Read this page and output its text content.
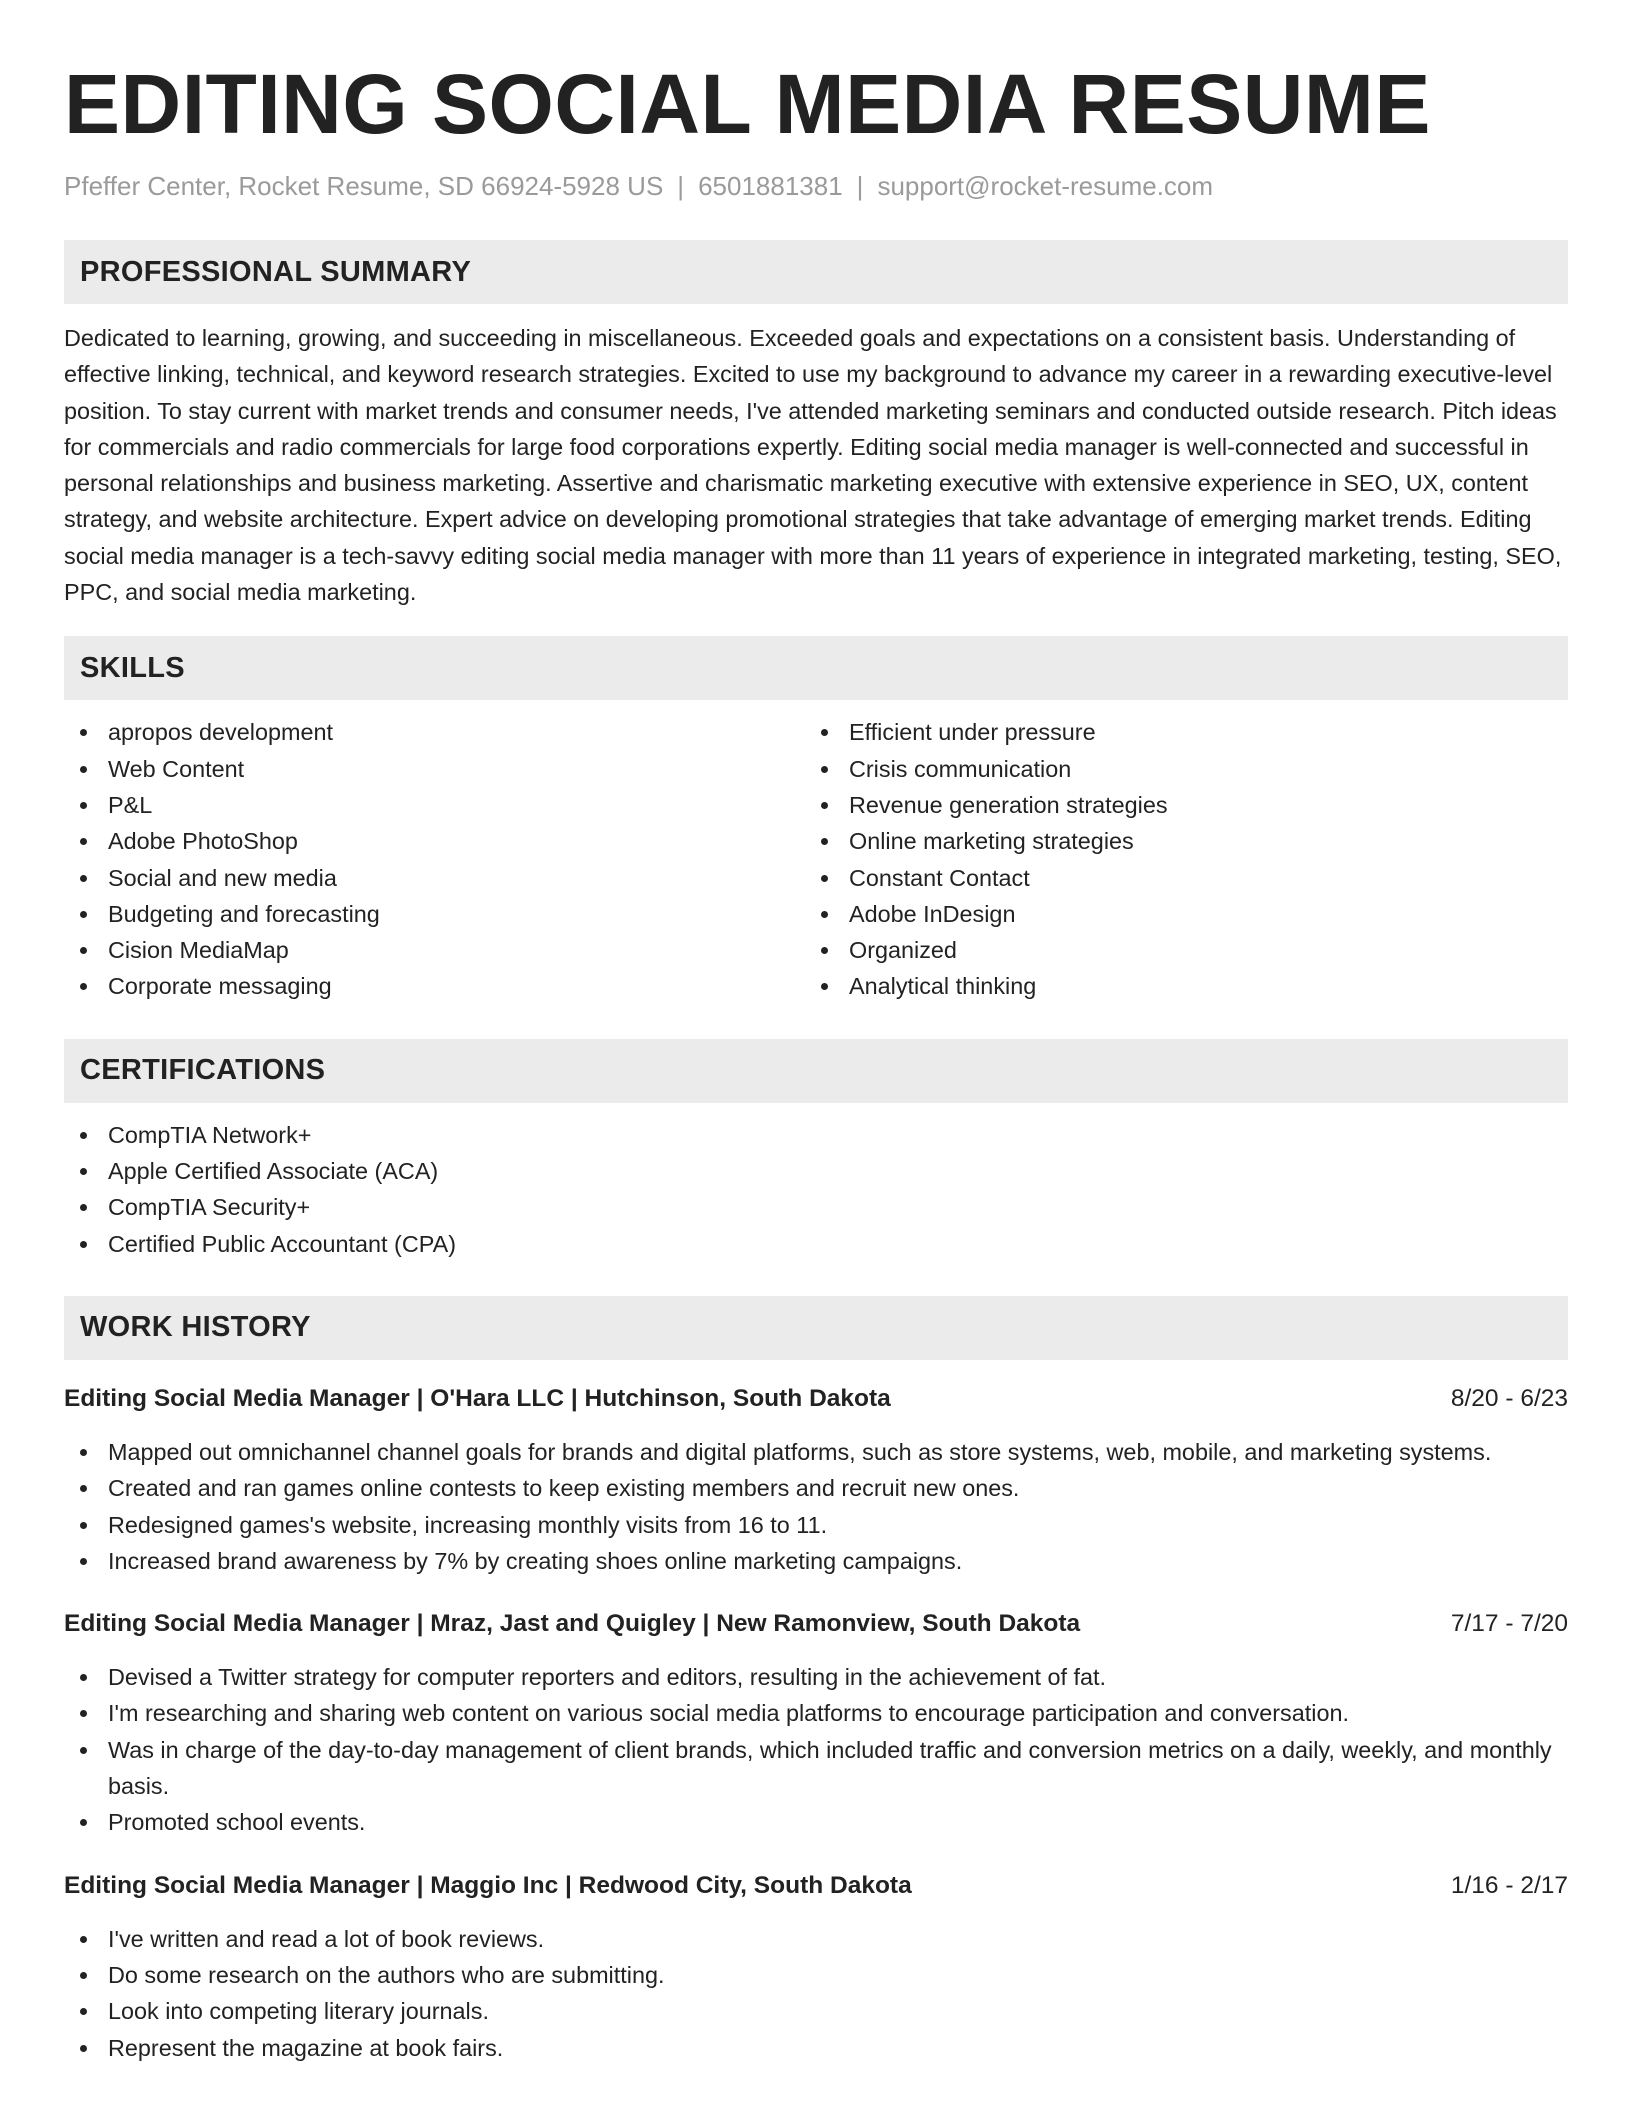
EDITING SOCIAL MEDIA RESUME
Pfeffer Center, Rocket Resume, SD 66924-5928 US | 6501881381 | support@rocket-resume.com
PROFESSIONAL SUMMARY

Dedicated to learning, growing, and succeeding in miscellaneous. Exceeded goals and expectations on a consistent basis. Understanding of effective linking, technical, and keyword research strategies. Excited to use my background to advance my career in a rewarding executive-level position. To stay current with market trends and consumer needs, I've attended marketing seminars and conducted outside research. Pitch ideas for commercials and radio commercials for large food corporations expertly. Editing social media manager is well-connected and successful in personal relationships and business marketing. Assertive and charismatic marketing executive with extensive experience in SEO, UX, content strategy, and website architecture. Expert advice on developing promotional strategies that take advantage of emerging market trends. Editing social media manager is a tech-savvy editing social media manager with more than 11 years of experience in integrated marketing, testing, SEO, PPC, and social media marketing.

SKILLS
apropos development
Web Content
P&L
Adobe PhotoShop
Social and new media
Budgeting and forecasting
Cision MediaMap
Corporate messaging
Efficient under pressure
Crisis communication
Revenue generation strategies
Online marketing strategies
Constant Contact
Adobe InDesign
Organized
Analytical thinking
CERTIFICATIONS
CompTIA Network+
Apple Certified Associate (ACA)
CompTIA Security+
Certified Public Accountant (CPA)
WORK HISTORY
Editing Social Media Manager | O'Hara LLC | Hutchinson, South Dakota	8/20 - 6/23
Mapped out omnichannel channel goals for brands and digital platforms, such as store systems, web, mobile, and marketing systems.
Created and ran games online contests to keep existing members and recruit new ones.
Redesigned games's website, increasing monthly visits from 16 to 11.
Increased brand awareness by 7% by creating shoes online marketing campaigns.
Editing Social Media Manager | Mraz, Jast and Quigley | New Ramonview, South Dakota	7/17 - 7/20
Devised a Twitter strategy for computer reporters and editors, resulting in the achievement of fat.
I'm researching and sharing web content on various social media platforms to encourage participation and conversation.
Was in charge of the day-to-day management of client brands, which included traffic and conversion metrics on a daily, weekly, and monthly basis.
Promoted school events.
Editing Social Media Manager | Maggio Inc | Redwood City, South Dakota	1/16 - 2/17
I've written and read a lot of book reviews.
Do some research on the authors who are submitting.
Look into competing literary journals.
Represent the magazine at book fairs.
